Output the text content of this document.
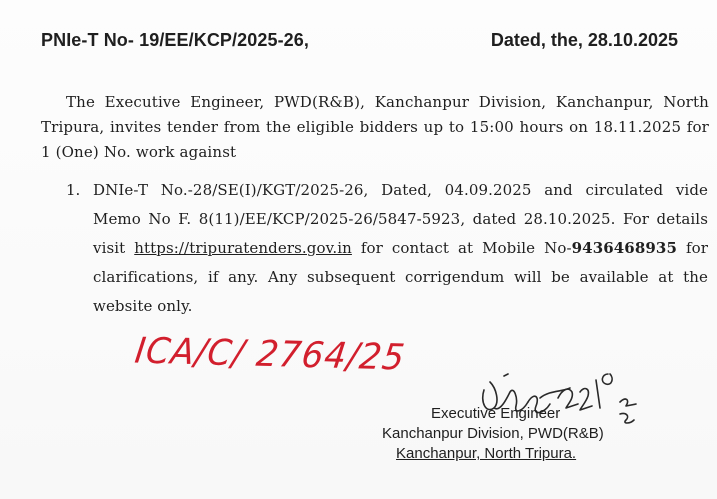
PNIe-T No- 19/EE/KCP/2025-26,	Dated, the, 28.10.2025
The Executive Engineer, PWD(R&B), Kanchanpur Division, Kanchanpur, North Tripura, invites tender from the eligible bidders up to 15:00 hours on 18.11.2025 for 1 (One) No. work against
1. DNIe-T No.-28/SE(I)/KGT/2025-26, Dated, 04.09.2025 and circulated vide Memo No F. 8(11)/EE/KCP/2025-26/5847-5923, dated 28.10.2025. For details visit https://tripuratenders.gov.in for contact at Mobile No-9436468935 for clarifications, if any. Any subsequent corrigendum will be available at the website only.
ICA/C/ 2764/25
Executive Engineer
Kanchanpur Division, PWD(R&B)
Kanchanpur, North Tripura.
